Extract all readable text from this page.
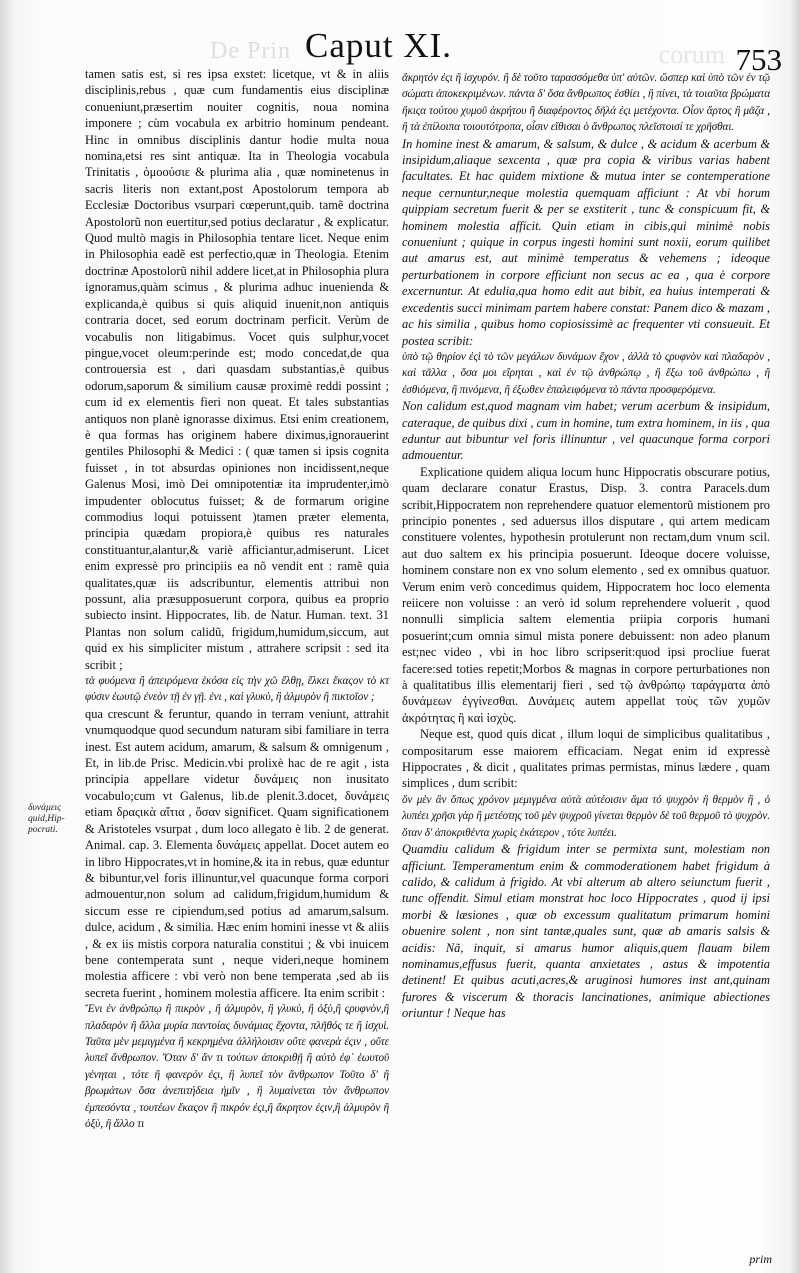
De Prin	corum
Caput XI.	753
δυνάμεις quid,Hip-pocrati.

tamen satis est, si res ipsa exstet: licetque, vt & in aliis disciplinis,rebus , quæ cum fundamentis eius disciplinæ conueniunt,præsertim nouiter cognitis, noua nomina imponere ; cùm vocabula ex arbitrio hominum pendeant. Hinc in omnibus disciplinis dantur hodie multa noua nomina,etsi res sint antiquæ. Ita in Theologia vocabula Trinitatis , ὁμοούσιε & plurima alia , quæ nominetenus in sacris literis non extant,post Apostolorum tempora ab Ecclesiæ Doctoribus vsurpari cœperunt,quib. tamẽ doctrina Apostolorũ non euertitur,sed potius declaratur , & explicatur. Quod multò magis in Philosophia tentare licet. Neque enim in Philosophia eadẽ est perfectio,quæ in Theologia. Etenim doctrinæ Apostolorũ nihil addere licet,at in Philosophia plura ignoramus,quàm scimus , & plurima adhuc inuenienda & explicanda,è quibus si quis aliquid inuenit,non antiquis contraria docet, sed eorum doctrinam perficit. Verùm de vocabulis non litigabimus. Vocet quis sulphur,vocet pingue,vocet oleum:perinde est; modo concedat,de qua controuersia est , dari quasdam substantias,è quibus odorum,saporum & similium causæ proximè reddi possint ; cum id ex elementis fieri non queat. Et tales substantias antiquos non planè ignorasse diximus. Etsi enim creationem, è qua formas has originem habere diximus,ignorauerint gentiles Philosophi & Medici : ( quæ tamen si ipsis cognita fuisset , in tot absurdas opiniones non incidissent,neque Galenus Mosi, imò Dei omnipotentiæ ita imprudenter,imò impudenter oblocutus fuisset; & de formarum origine commodius loqui potuissent )tamen præter elementa, principia quædam propiora,è quibus res naturales constituantur,alantur,& variè afficiantur,admiserunt. Licet enim expressè pro principiis ea nõ vendit ent : ramẽ quia qualitates,quæ iis adscribuntur, elementis attribui non possunt, alia præsupposuerunt corpora, quibus ea proprio subiecto insint. Hippocrates, lib. de Natur. Human. text. 31 Plantas non solum calidũ, frigidum,humidum,siccum, aut quid ex his simpliciter mistum , attrahere scripsit : sed ita scribit ;

τὰ φυόμενα ἢ ἀπειρόμενα ἑκόσα εἰς τὴν χῶ ἕλθῃ, ἕλκει ἕκαςον τὸ κτ φύσιν ἑωυτῷ ἐνεὸν τῇ ἐν γῇ. ἐνι , καὶ γλυκὺ, ἢ ἁλμυρὸν ἢ πικτοῖον ;

qua crescunt & feruntur, quando in terram veniunt, attrahit vnumquodque quod secundum naturam sibi familiare in terra inest. Est autem acidum, amarum, & salsum & omnigenum , Et, in lib.de Prisc. Medicin.vbi prolixè hac de re agit , ista principia appellare videtur δυνάμεις non inusitato vocabulo;cum vt Galenus, lib.de plenit.3.docet, δυνάμεις etiam δραςικὰ αἴτια , ὅσαν significet. Quam significationem & Aristoteles vsurpat , dum loco allegato è lib. 2 de generat. Animal. cap. 3. Elementa δυνάμεις appellat. Docet autem eo in libro Hippocrates,vt in homine,& ita in rebus, quæ eduntur & bibuntur,vel foris illinuntur,vel quacunque forma corpori admouentur,non solum ad calidum,frigidum,humidum & siccum esse re cipiendum,sed potius ad amarum,salsum. dulce, acidum , & similia. Hæc enim homini inesse vt & aliis , & ex iis mistis corpora naturalia constitui ; & vbi inuicem bene contemperata sunt , neque videri,neque hominem molestia afficere : vbi verò non bene temperata ,sed ab iis secreta fuerint , hominem molestia afficere. Ita enim scribit :

Ἔνι ἐν ἀνθρώπῳ ἢ πικρὸν , ἢ ἁλμυρὸν, ἢ γλυκὺ, ἢ ὀξὺ,ἢ ςρυφνὸν,ἢ πλαδαρὸν ἢ ἄλλα μυρία παντοίας δυνάμιας ἔχοντα, πλῆθός τε ἢ ἰσχυὶ. Ταῦτα μὲν μεμιγμένα ἢ κεκρημένα ἀλλήλοισιν οὔτε φανερὰ ἐςιν , οὔτε λυπεῖ ἄνθρωπον. Ὅταν δ' ἄν τι τούτων ἀποκριθῇ ἢ αὐτὸ ἐφ᾽ ἑωυτοῦ γένηται , τότε ἢ φανερόν ἐςι, ἢ λυπεῖ τὸν ἄνθρωπον Τοῦτο δ' ἢ βρωμάτων ὅσα ἀνεπιτήδεια ἡμῖν , ἢ λυμαίνεται τὸν ἄνθρωπον ἐμπεσόντα , τουτέων ἕκαςον ἢ πικρόν ἐςι,ἢ ἄκρητον ἐςιν,ἢ ἁλμυρὸν ἢ ὀξὺ, ἢ ἄλλο τι

ἄκρητόν ἐςι ἢ ἰσχυρόν. ἢ δὲ τοῦτο ταρασσόμεθα ὑπ' αὐτῶν. ὥσπερ καὶ ὑπὸ τῶν ἐν τῷ σώματι ἀποκεκριμένων. πάντα δ' ὅσα ἄνθρωπος ἐσθίει , ἢ πίνει, τὰ τοιαῦτα βρώματα ἥκιςα τούτου χυμοῦ ἀκρήτου ἢ διαφέροντος δῆλά ἐςι μετέχοντα. Οἷον ἄρτος ἢ μᾶζα , ἢ τὰ ἐπίλοιπα τοιουτότροπα, οἷσιν εἴθισαι ὁ ἄνθρωπος πλεῖστοισί τε χρῆσθαι.

In homine inest & amarum, & salsum, & dulce , & acidum & acerbum & insipidum,aliaque sexcenta , quæ pra copia & viribus varias habent facultates. Et hac quidem mixtione & mutua inter se contemperatione neque cernuntur,neque molestia quemquam afficiunt : At vbi horum quippiam secretum fuerit & per se exstiterit , tunc & conspicuum fit, & hominem molestia afficit. Quin etiam in cibis,qui minimè nobis conueniunt ; quique in corpus ingesti homini sunt noxii, eorum quilibet aut amarus est, aut minimè temperatus & vehemens ; ideoque perturbationem in corpore efficiunt non secus ac ea , qua è corpore excernuntur. At edulia,qua homo edit aut bibit, ea huius intemperati & excedentis succi minimam partem habere constat: Panem dico & mazam , ac his similia , quibus homo copiosissimè ac frequenter vti consueuit. Et postea scribit:

ὑπὸ τῷ θηρίον ἐςὶ τὸ τῶν μεγάλων δυνάμων ἔχον , ἀλλὰ τὸ ςρυφνὸν καὶ πλαδαρὸν , καὶ τᾶλλα , ὅσα μοι εἴρηται , καὶ ἐν τῷ ἀνθρώπῳ , ἢ ἔξω τοῦ ἀνθρώπω , ἢ ἐσθιόμενα, ἢ πινόμενα, ἢ ἐξωθεν ἐπαλειφόμενα τὸ πάντα προσφερόμενα.

Non calidum est,quod magnam vim habet; verum acerbum & insipidum, cateraque, de quibus dixi , cum in homine, tum extra hominem, in iis , qua eduntur aut bibuntur vel foris illinuntur , vel quacunque forma corpori admouentur.

Explicatione quidem aliqua locum hunc Hippocratis obscurare potius, quam declarare conatur Erastus, Disp. 3. contra Paracels.dum scribit,Hippocratem non reprehendere quatuor elementorũ mistionem pro principio ponentes , sed aduersus illos disputare , qui artem medicam constituere volentes, hypothesin protulerunt non rectam,dum vnum scil. aut duo saltem ex his principia posuerunt. Ideoque docere voluisse, hominem constare non ex vno solum elemento , sed ex omnibus quatuor. Verum enim verò concedimus quidem, Hippocratem hoc loco elementa reiicere non voluisse : an verò id solum reprehendere voluerit , quod nonnulli simplicia saltem elementia priipia corporis humani posuerint;cum omnia simul mista ponere debuissent: non adeo planum est;nec video , vbi in hoc libro scripserit:quod ipsi procliue fuerat facere:sed toties repetit;Morbos & magnas in corpore perturbationes non à qualitatibus illis elementarij fieri , sed τῷ ἀνθρώπῳ ταράγματα ἀπὸ δυνάμεων ἐγγίνεσθαι. Δυνάμεις autem appellat τοὺς τῶν χυμῶν ἀκρότητας ἢ καὶ ἰσχὺς.

Neque est, quod quis dicat , illum loqui de simplicibus qualitatibus , compositarum esse maiorem efficaciam. Negat enim id expressè Hippocrates , & dicit , qualitates primas permistas, minus lædere , quam simplices , dum scribit:

ὅν μὲν ἂν ὅπως χρόνον μεμιγμένα αὐτὰ αὐτέοισιν ἅμα τό ψυχρὸν ἢ θερμὸν ἢ , ὁ λυπέει χρῆσι γὰρ ἢ μετέοτης τοῦ μὲν ψυχροῦ γίνεται θερμὸν δὲ τοῦ θερμοῦ τὸ ψυχρὸν. ὅταν δ' ἀποκριθέντα χωρὶς ἑκάτερον , τότε λυπέει.

Quamdiu calidum & frigidum inter se permixta sunt, molestiam non afficiunt. Temperamentum enim & commoderationem habet frigidum à calido, & calidum à frigido. At vbi alterum ab altero seiunctum fuerit , tunc offendit. Simul etiam monstrat hoc loco Hippocrates , quod ij ipsi morbi & læsiones , quæ ob excessum qualitatum primarum homini obuenire solent , non sint tantæ,quales sunt, quæ ab amaris salsis & acidis: Nã, inquit, si amarus humor aliquis,quem flauam bilem nominamus,effusus fuerit, quanta anxietates , astus & impotentia detinent! Et quibus acuti,acres,& aruginosi humores inst ant,quinam furores & viscerum & thoracis lancinationes, animique abiectiones oriuntur ! Neque has

prim
